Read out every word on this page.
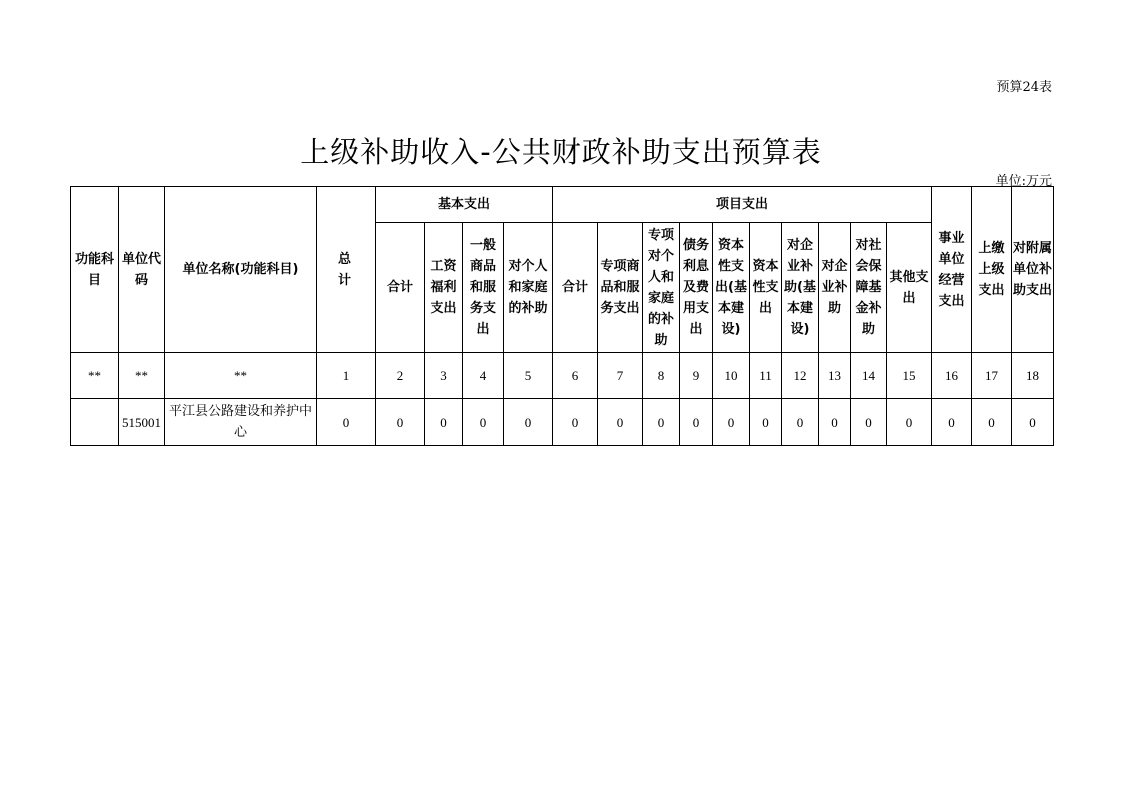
预算24表
上级补助收入-公共财政补助支出预算表
单位:万元
功能科目	单位代码	单位名称(功能科目)	总计	基本支出				项目支出										事业单位经营支出	上缴上级支出	对附属单位补助支出
				合计	工资福利支出	一般商品和服务支出	对个人和家庭的补助	合计	专项商品和服务支出	专项对个人和家庭的补助	债务利息及费用支出	资本性支出(基本建设)	资本性支出	对企业补助(基本建设)	对企业补助	对社会保障基金补助	其他支出			
**	**	**	1	2	3	4	5	6	7	8	9	10	11	12	13	14	15	16	17	18
	515001	平江县公路建设和养护中心	0	0	0	0	0	0	0	0	0	0	0	0	0	0	0	0	0	0
